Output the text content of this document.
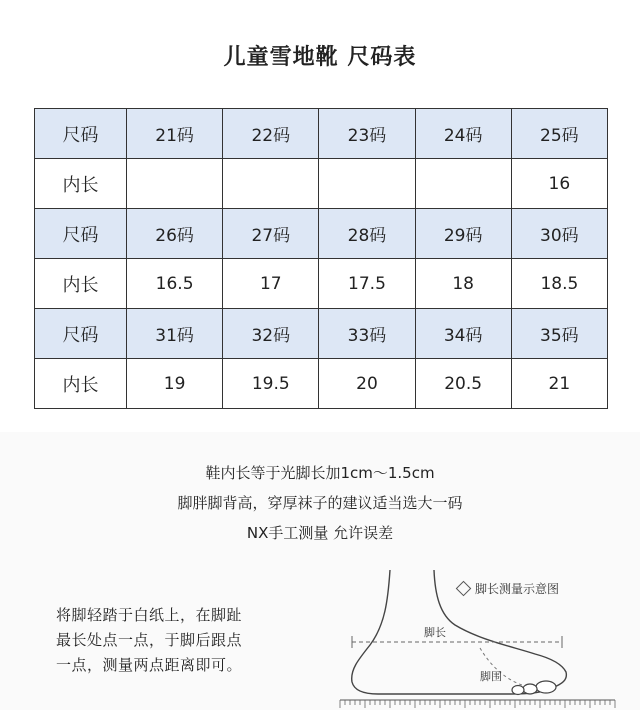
儿童雪地靴 尺码表
尺码	21码	22码	23码	24码	25码
内长					16
尺码	26码	27码	28码	29码	30码
内长	16.5	17	17.5	18	18.5
尺码	31码	32码	33码	34码	35码
内长	19	19.5	20	20.5	21
鞋内长等于光脚长加1cm～1.5cm
脚胖脚背高，穿厚袜子的建议适当选大一码
NX手工测量 允许误差
将脚轻踏于白纸上，在脚趾
最长处点一点，于脚后跟点
一点，测量两点距离即可。
脚长测量示意图
脚长
脚围
